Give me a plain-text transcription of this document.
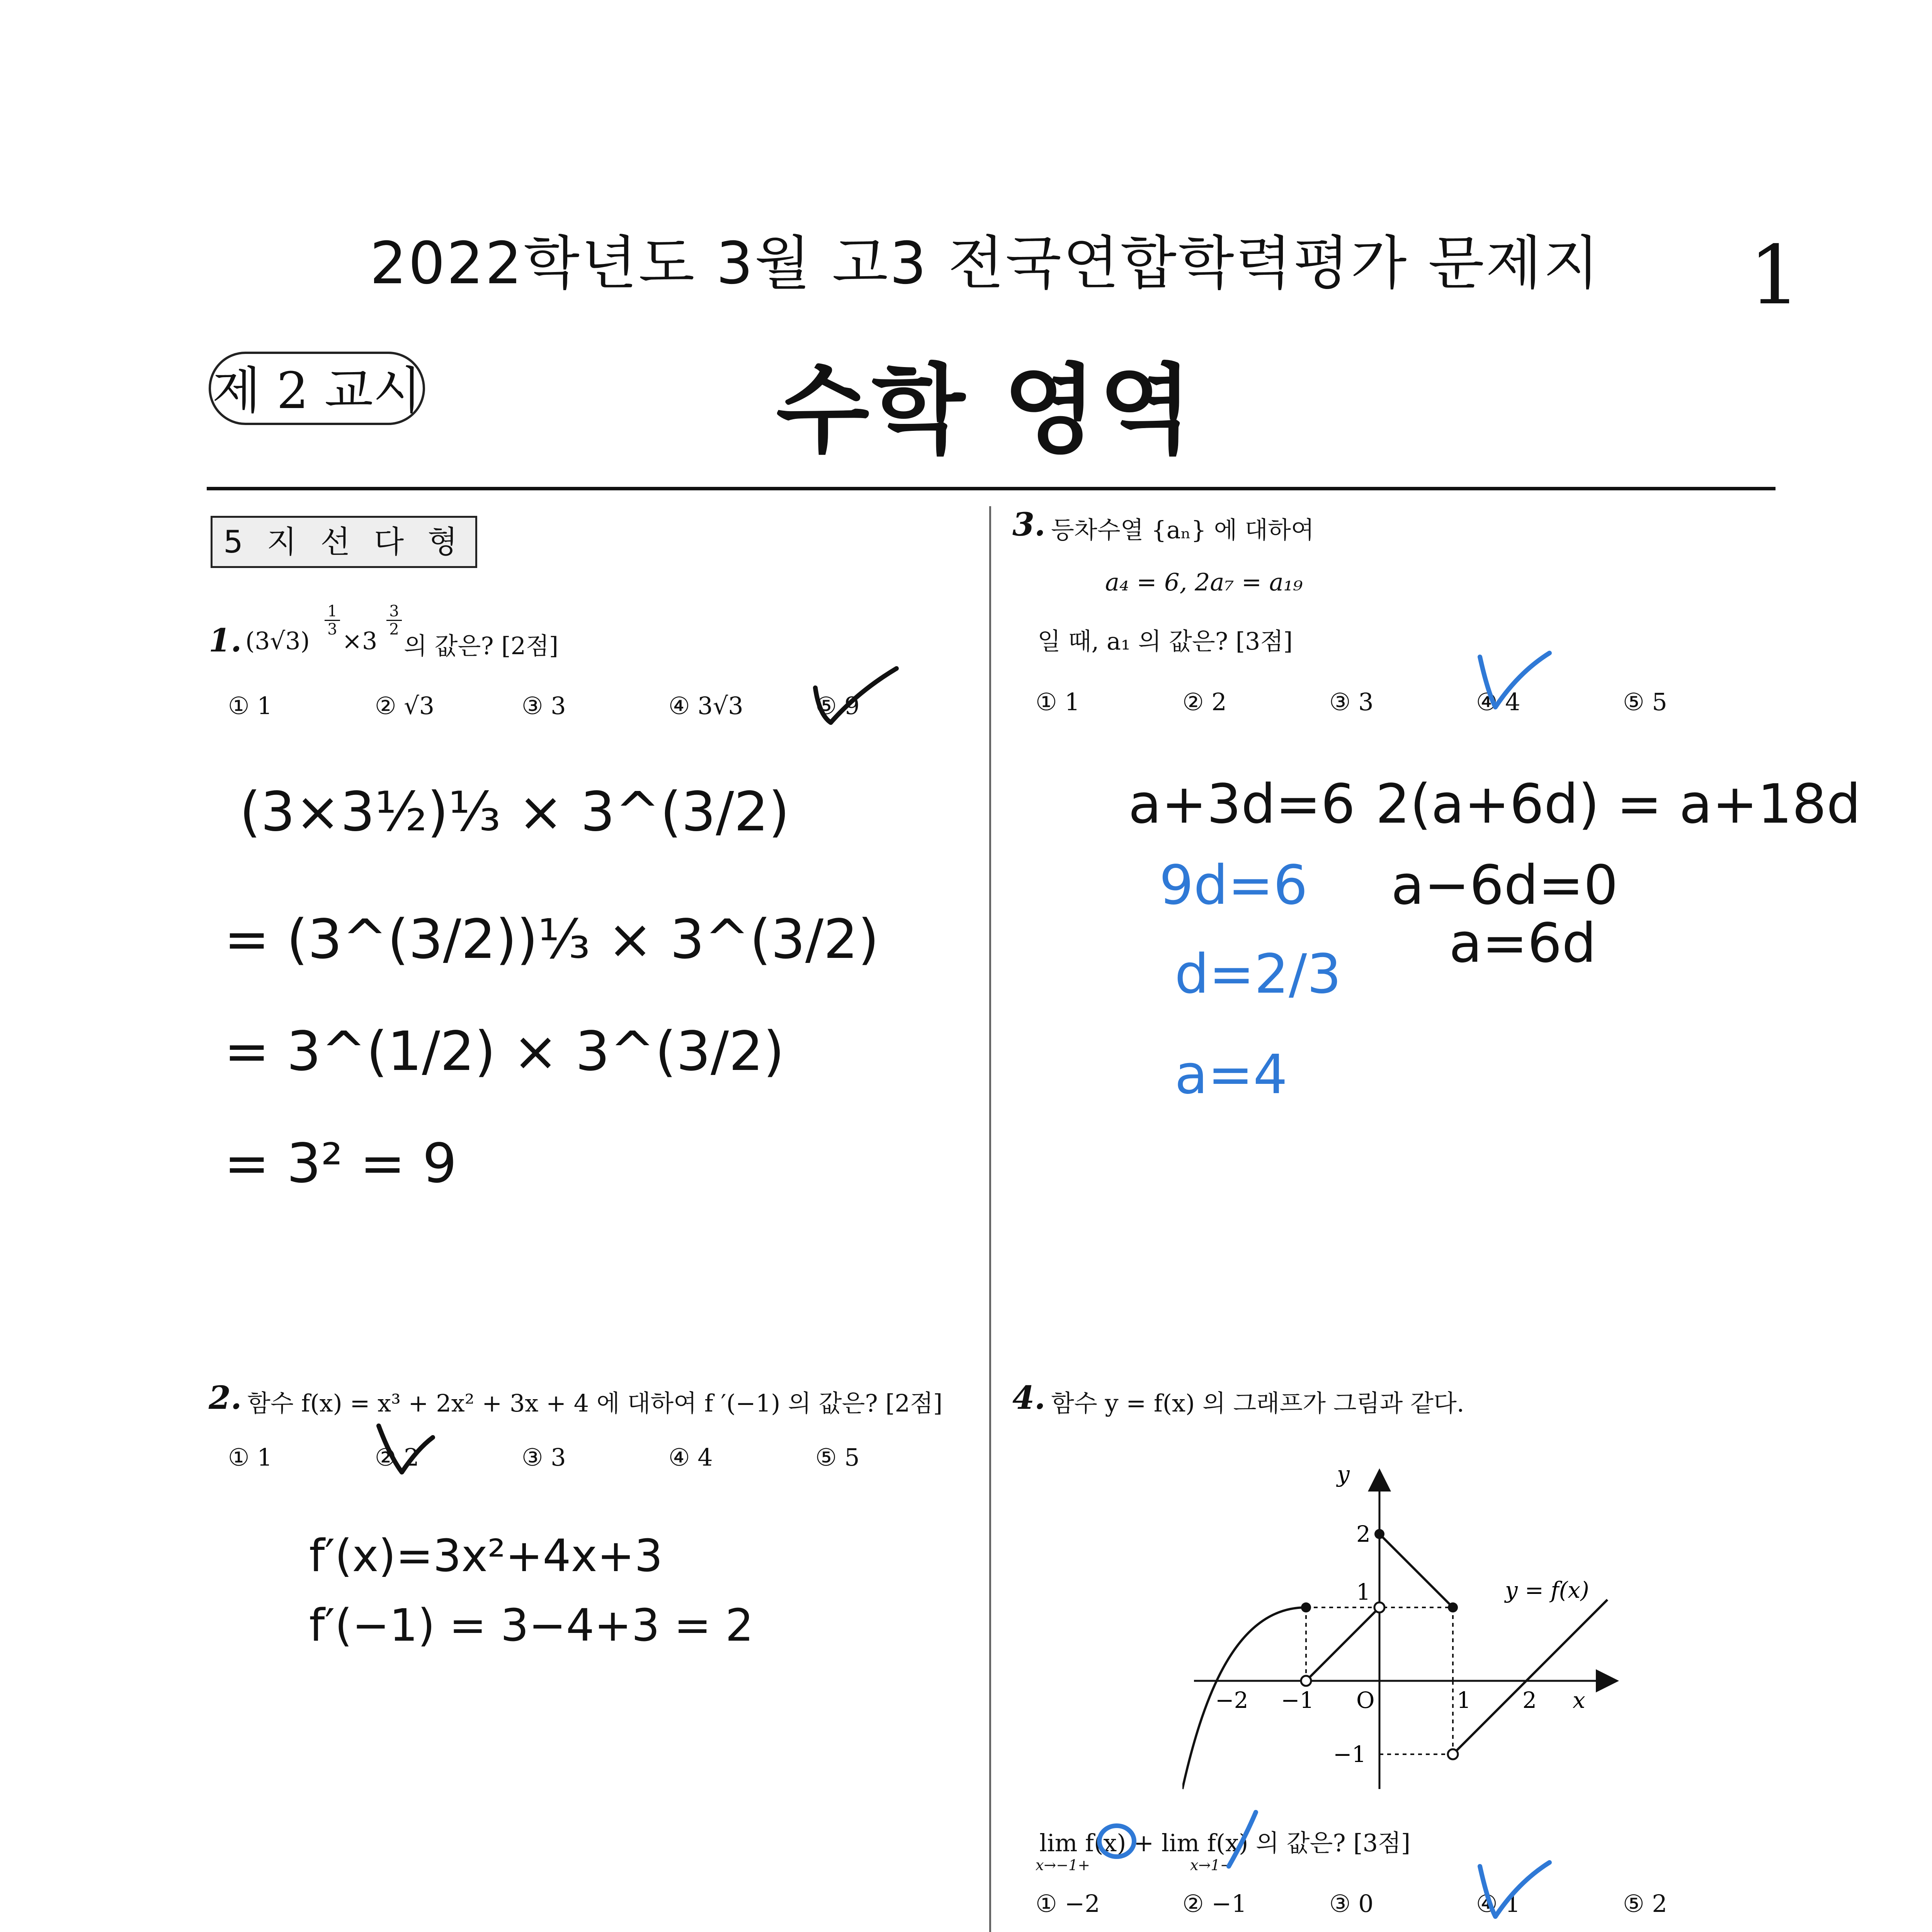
2022학년도 3월 고3 전국연합학력평가 문제지	1
제 2 교시	수학 영역
5 지 선 다 형
1. (3√3)
1

3 ×3
3

2
의 값은? [2점]
① 1	② √3	③ 3	④ 3√3	⑤ 9
(3×3½)⅓ × 3^(3/2)
= (3^(3/2))⅓ × 3^(3/2)
= 3^(1/2) × 3^(3/2)
= 3² = 9
2. 함수 f(x) = x³ + 2x² + 3x + 4 에 대하여 f ′(−1) 의 값은? [2점]
① 1	② 2	③ 3	④ 4	⑤ 5
f′(x)=3x²+4x+3
f′(−1) = 3−4+3 = 2
3. 등차수열 {aₙ} 에 대하여
a₄ = 6, 2a₇ = a₁₉
일 때, a₁ 의 값은? [3점]
① 1	② 2	③ 3	④ 4	⑤ 5
a+3d=6 2(a+6d) = a+18d
a−6d=0
a=6d
9d=6
d=2/3
a=4
4. 함수 y = f(x) 의 그래프가 그림과 같다.
y
x
O
−2 −1	1 2
2
1
−1
y = f(x)
lim f(x) + lim f(x) 의 값은? [3점]
x→−1+	x→1−
① −2	② −1	③ 0	④ 1	⑤ 2
